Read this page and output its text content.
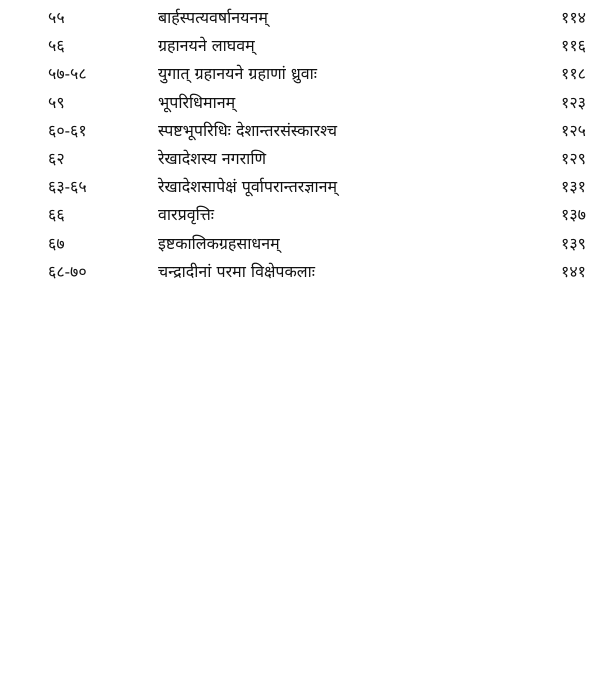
५५	बार्हस्पत्यवर्षानयनम्	११४
५६	ग्रहानयने लाघवम्	११६
५७-५८	युगात् ग्रहानयने ग्रहाणां ध्रुवाः	११८
५९	भूपरिधिमानम्	१२३
६०-६१	स्पष्टभूपरिधिः देशान्तरसंस्कारश्च	१२५
६२	रेखादेशस्य नगराणि	१२९
६३-६५	रेखादेशसापेक्षं पूर्वापरान्तरज्ञानम्	१३१
६६	वारप्रवृत्तिः	१३७
६७	इष्टकालिकग्रहसाधनम्	१३९
६८-७०	चन्द्रादीनां परमा विक्षेपकलाः	१४१
